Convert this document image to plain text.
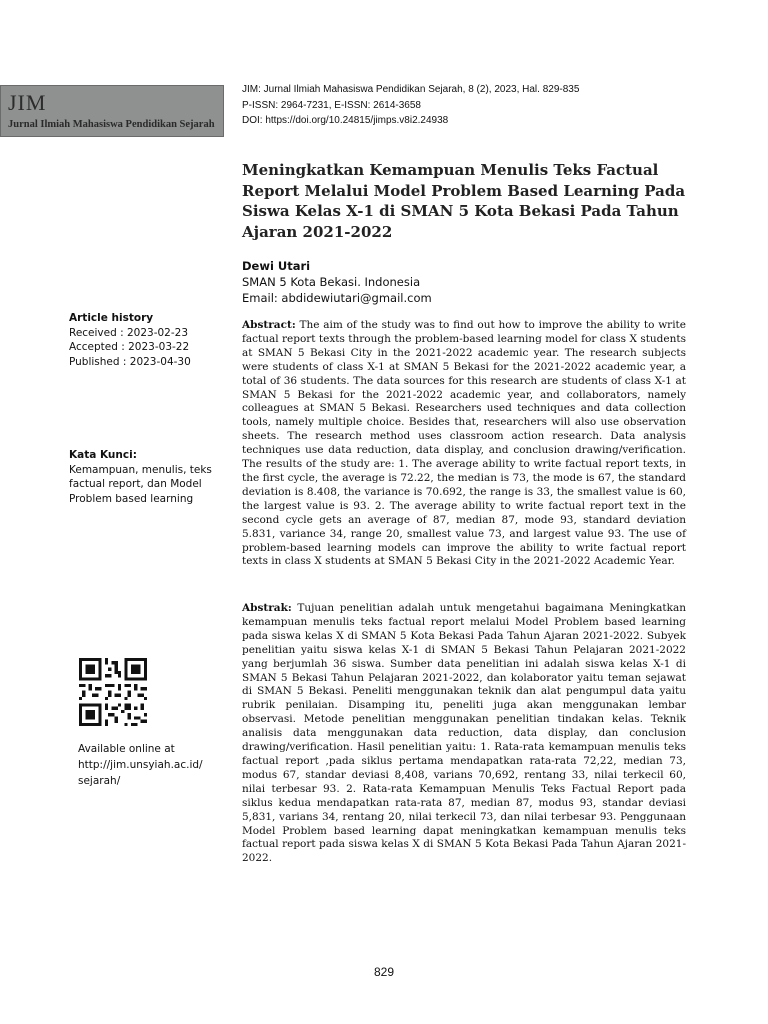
JIM
Jurnal Ilmiah Mahasiswa Pendidikan Sejarah
JIM: Jurnal Ilmiah Mahasiswa Pendidikan Sejarah, 8 (2), 2023, Hal. 829-835
P-ISSN: 2964-7231, E-ISSN: 2614-3658
DOI: https://doi.org/10.24815/jimps.v8i2.24938
Meningkatkan Kemampuan Menulis Teks Factual Report Melalui Model Problem Based Learning Pada Siswa Kelas X-1 di SMAN 5 Kota Bekasi Pada Tahun Ajaran 2021-2022
Dewi Utari
SMAN 5 Kota Bekasi. Indonesia
Email: abdidewiutari@gmail.com
Article history
Received : 2023-02-23
Accepted : 2023-03-22
Published : 2023-04-30
Kata Kunci:
Kemampuan, menulis, teks factual report, dan Model Problem based learning
Abstract: The aim of the study was to find out how to improve the ability to write factual report texts through the problem-based learning model for class X students at SMAN 5 Bekasi City in the 2021-2022 academic year. The research subjects were students of class X-1 at SMAN 5 Bekasi for the 2021-2022 academic year, a total of 36 students. The data sources for this research are students of class X-1 at SMAN 5 Bekasi for the 2021-2022 academic year, and collaborators, namely colleagues at SMAN 5 Bekasi. Researchers used techniques and data collection tools, namely multiple choice. Besides that, researchers will also use observation sheets. The research method uses classroom action research. Data analysis techniques use data reduction, data display, and conclusion drawing/verification. The results of the study are: 1. The average ability to write factual report texts, in the first cycle, the average is 72.22, the median is 73, the mode is 67, the standard deviation is 8.408, the variance is 70.692, the range is 33, the smallest value is 60, the largest value is 93. 2. The average ability to write factual report text in the second cycle gets an average of 87, median 87, mode 93, standard deviation 5.831, variance 34, range 20, smallest value 73, and largest value 93. The use of problem-based learning models can improve the ability to write factual report texts in class X students at SMAN 5 Bekasi City in the 2021-2022 Academic Year.
Abstrak: Tujuan penelitian adalah untuk mengetahui bagaimana Meningkatkan kemampuan menulis teks factual report melalui Model Problem based learning pada siswa kelas X di SMAN 5 Kota Bekasi Pada Tahun Ajaran 2021-2022. Subyek penelitian yaitu siswa kelas X-1 di SMAN 5 Bekasi Tahun Pelajaran 2021-2022 yang berjumlah 36 siswa. Sumber data penelitian ini adalah siswa kelas X-1 di SMAN 5 Bekasi Tahun Pelajaran 2021-2022, dan kolaborator yaitu teman sejawat di SMAN 5 Bekasi. Peneliti menggunakan teknik dan alat pengumpul data yaitu rubrik penilaian. Disamping itu, peneliti juga akan menggunakan lembar observasi. Metode penelitian menggunakan penelitian tindakan kelas. Teknik analisis data menggunakan data reduction, data display, dan conclusion drawing/verification. Hasil penelitian yaitu: 1. Rata-rata kemampuan menulis teks factual report ,pada siklus pertama mendapatkan rata-rata 72,22, median 73, modus 67, standar deviasi 8,408, varians 70,692, rentang 33, nilai terkecil 60, nilai terbesar 93. 2. Rata-rata Kemampuan Menulis Teks Factual Report pada siklus kedua mendapatkan rata-rata 87, median 87, modus 93, standar deviasi 5,831, varians 34, rentang 20, nilai terkecil 73, dan nilai terbesar 93. Penggunaan Model Problem based learning dapat meningkatkan kemampuan menulis teks factual report pada siswa kelas X di SMAN 5 Kota Bekasi Pada Tahun Ajaran 2021-2022.
Available online at
http://jim.unsyiah.ac.id/
sejarah/
829
